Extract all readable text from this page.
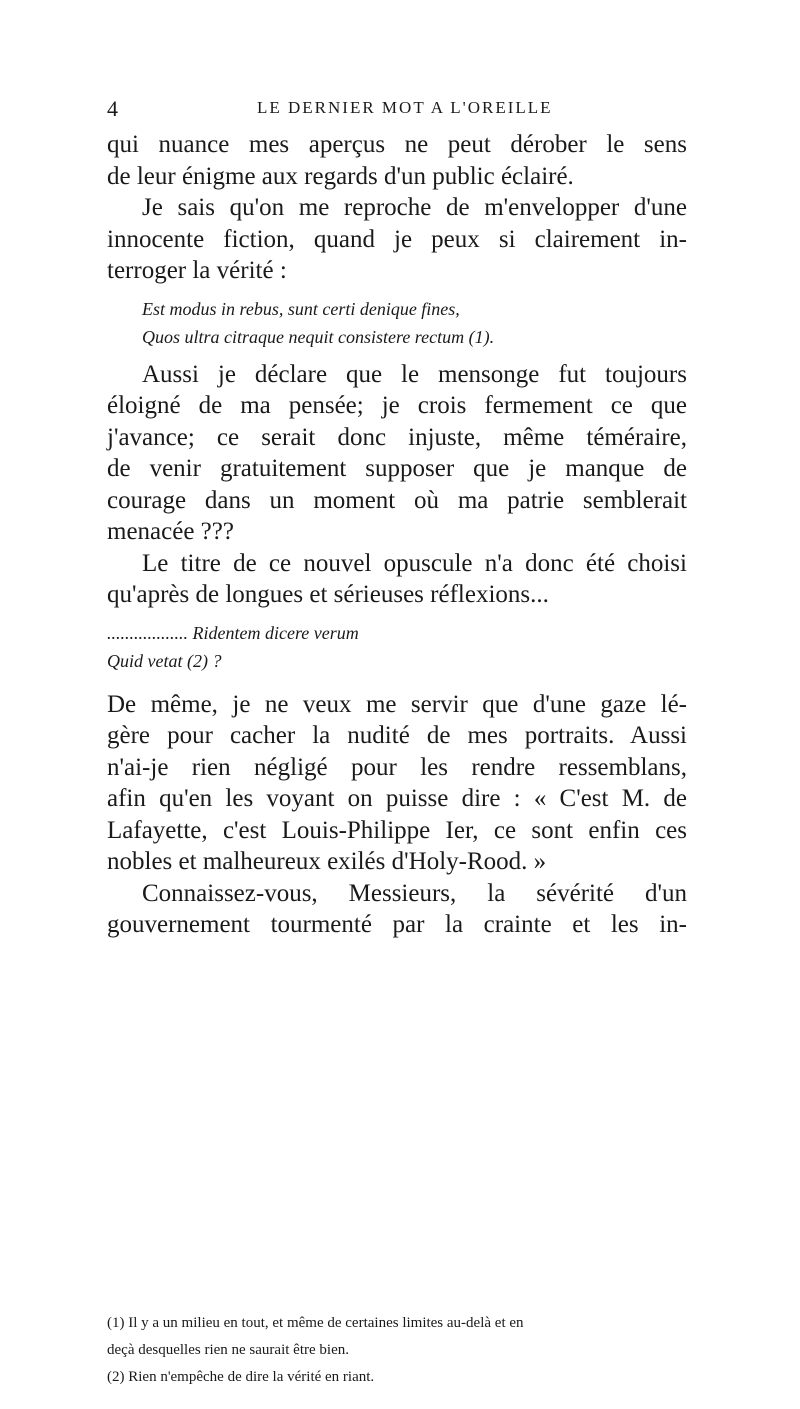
4	LE DERNIER MOT A L'OREILLE
qui nuance mes aperçus ne peut dérober le sens
de leur énigme aux regards d'un public éclairé.
Je sais qu'on me reproche de m'envelopper d'une
innocente fiction, quand je peux si clairement in-
terroger la vérité :
Est modus in rebus, sunt certi denique fines,
Quos ultra citraque nequit consistere rectum (1).
Aussi je déclare que le mensonge fut toujours
éloigné de ma pensée; je crois fermement ce que
j'avance; ce serait donc injuste, même téméraire,
de venir gratuitement supposer que je manque de
courage dans un moment où ma patrie semblerait
menacée ???
Le titre de ce nouvel opuscule n'a donc été choisi
qu'après de longues et sérieuses réflexions...
.................. Ridentem dicere verum
Quid vetat (2) ?
De même, je ne veux me servir que d'une gaze lé-
gère pour cacher la nudité de mes portraits. Aussi
n'ai-je rien négligé pour les rendre ressemblans,
afin qu'en les voyant on puisse dire : « C'est M. de
Lafayette, c'est Louis-Philippe Ier, ce sont enfin ces
nobles et malheureux exilés d'Holy-Rood. »
Connaissez-vous, Messieurs, la sévérité d'un
gouvernement tourmenté par la crainte et les in-
(1) Il y a un milieu en tout, et même de certaines limites au-delà et en
deçà desquelles rien ne saurait être bien.
(2) Rien n'empêche de dire la vérité en riant.
